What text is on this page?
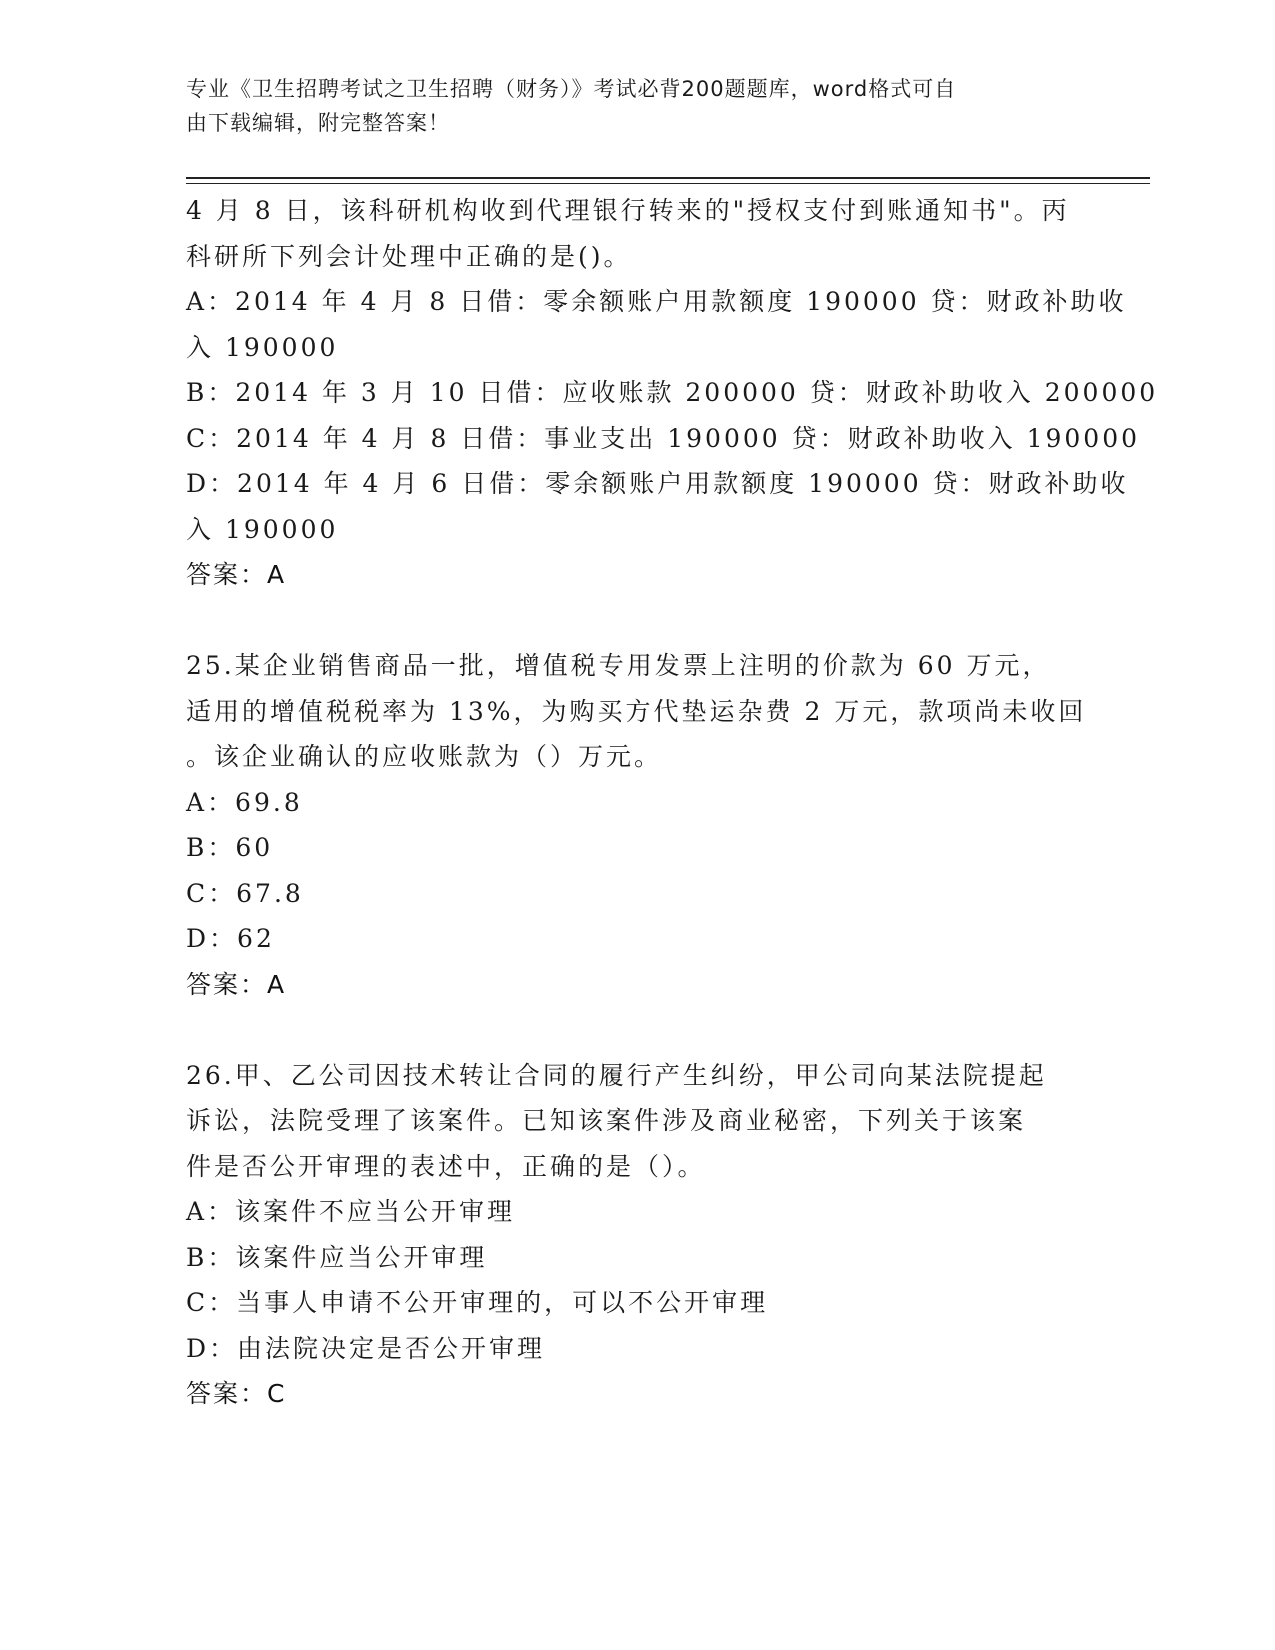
专业《卫生招聘考试之卫生招聘（财务）》考试必背200题题库，word格式可自
由下载编辑，附完整答案！
4 月 8 日，该科研机构收到代理银行转来的"授权支付到账通知书"。丙
科研所下列会计处理中正确的是()。
A：2014 年 4 月 8 日借：零余额账户用款额度 190000 贷：财政补助收
入 190000
B：2014 年 3 月 10 日借：应收账款 200000 贷：财政补助收入 200000
C：2014 年 4 月 8 日借：事业支出 190000 贷：财政补助收入 190000
D：2014 年 4 月 6 日借：零余额账户用款额度 190000 贷：财政补助收
入 190000
答案：A
25.某企业销售商品一批，增值税专用发票上注明的价款为 60 万元，
适用的增值税税率为 13%，为购买方代垫运杂费 2 万元，款项尚未收回
。该企业确认的应收账款为（）万元。
A：69.8
B：60
C：67.8
D：62
答案：A
26.甲、乙公司因技术转让合同的履行产生纠纷，甲公司向某法院提起
诉讼，法院受理了该案件。已知该案件涉及商业秘密，下列关于该案
件是否公开审理的表述中，正确的是（）。
A：该案件不应当公开审理
B：该案件应当公开审理
C：当事人申请不公开审理的，可以不公开审理
D：由法院决定是否公开审理
答案：C
